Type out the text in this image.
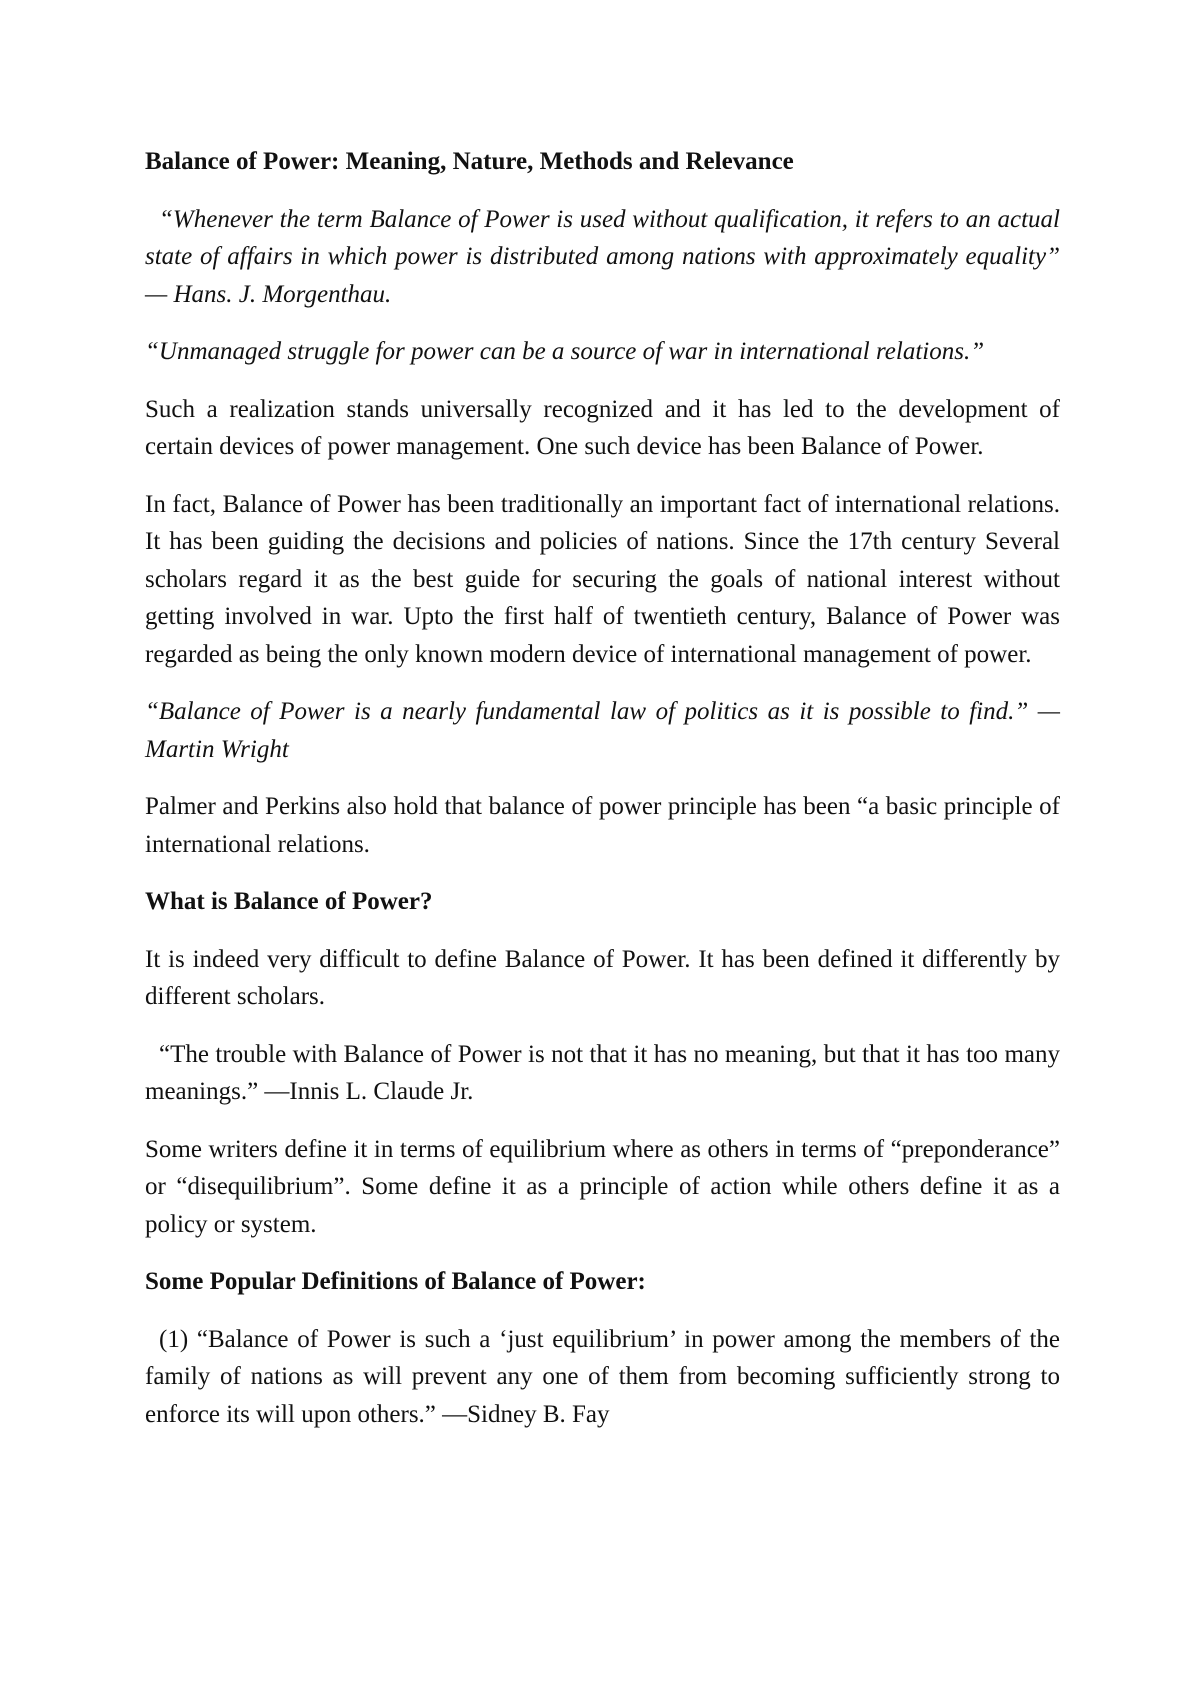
Balance of Power: Meaning, Nature, Methods and Relevance

“Whenever the term Balance of Power is used without qualification, it refers to an actual state of affairs in which power is distributed among nations with approximately equality” — Hans. J. Morgenthau.

“Unmanaged struggle for power can be a source of war in international relations.”

Such a realization stands universally recognized and it has led to the development of certain devices of power management. One such device has been Balance of Power.

In fact, Balance of Power has been traditionally an important fact of international relations. It has been guiding the decisions and policies of nations. Since the 17th century Several scholars regard it as the best guide for securing the goals of national interest without getting involved in war. Upto the first half of twentieth century, Balance of Power was regarded as being the only known modern device of international management of power.

“Balance of Power is a nearly fundamental law of politics as it is possible to find.” —Martin Wright

Palmer and Perkins also hold that balance of power principle has been “a basic principle of international relations.

What is Balance of Power?

It is indeed very difficult to define Balance of Power. It has been defined it differently by different scholars.

“The trouble with Balance of Power is not that it has no meaning, but that it has too many meanings.” —Innis L. Claude Jr.

Some writers define it in terms of equilibrium where as others in terms of “preponderance” or “disequilibrium”. Some define it as a principle of action while others define it as a policy or system.

Some Popular Definitions of Balance of Power:

(1) “Balance of Power is such a ‘just equilibrium’ in power among the members of the family of nations as will prevent any one of them from becoming sufficiently strong to enforce its will upon others.” —Sidney B. Fay
